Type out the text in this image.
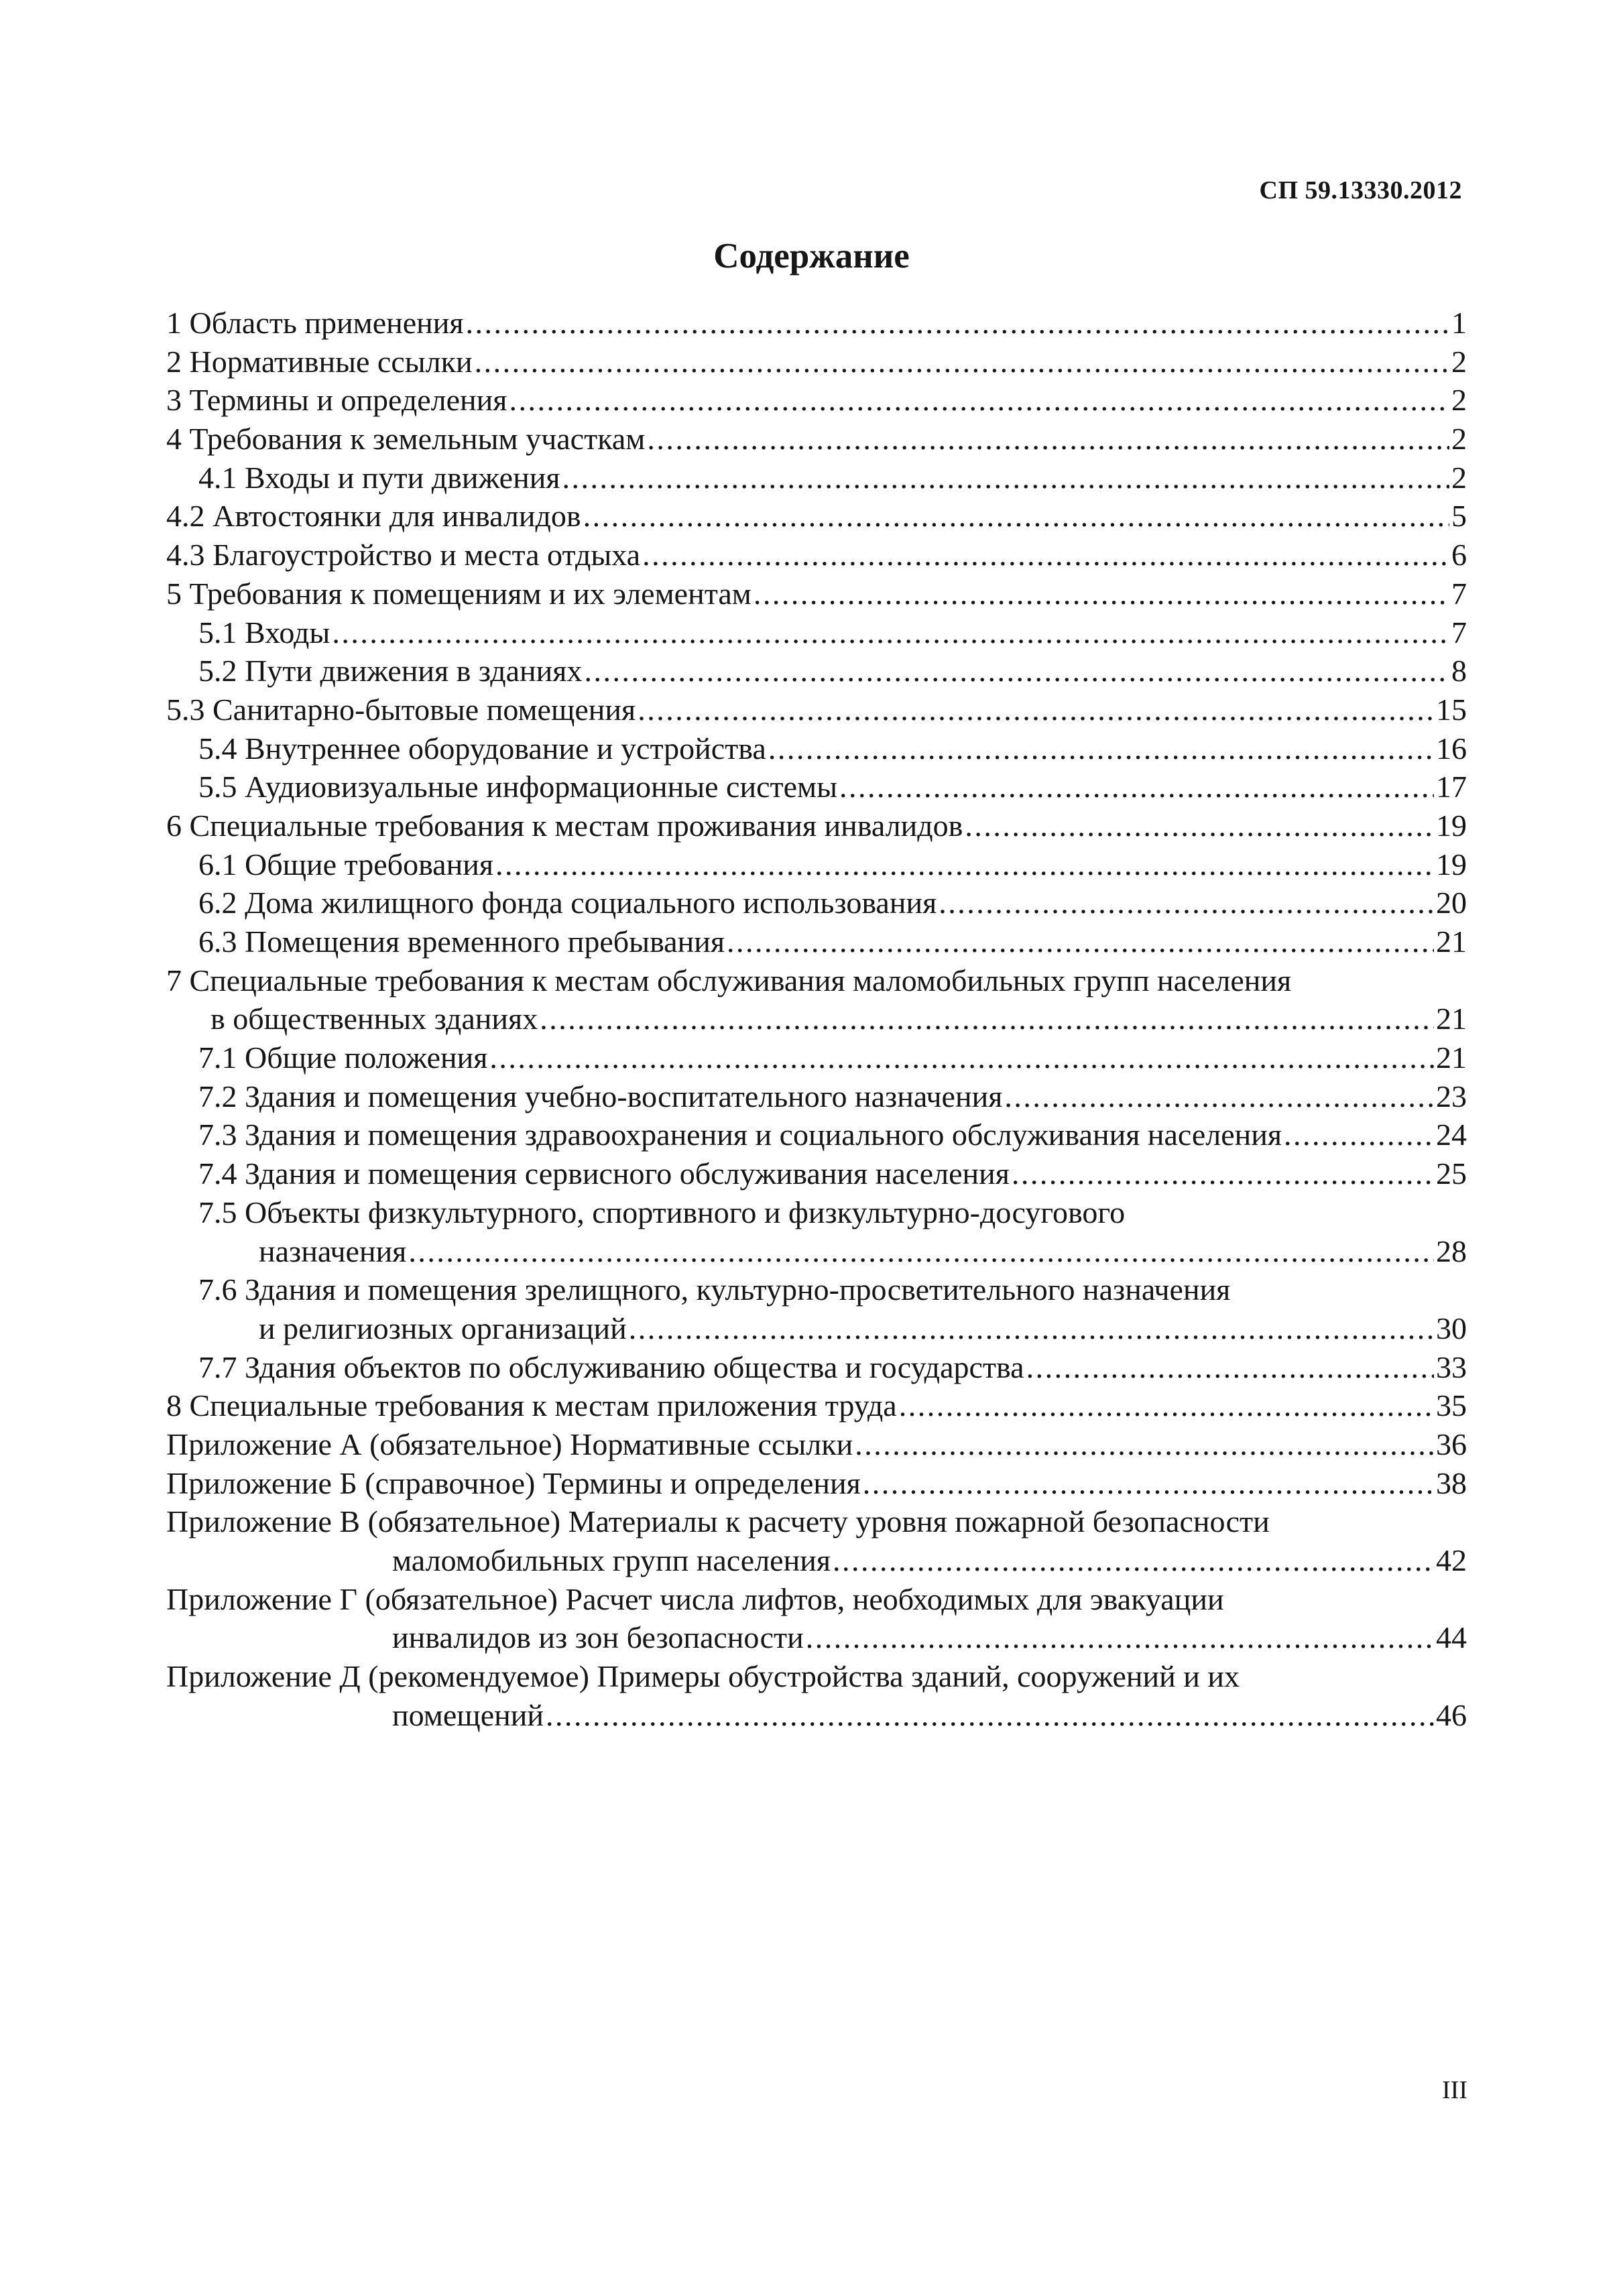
СП 59.13330.2012
Содержание
1 Область применения .....	1
2 Нормативные ссылки .....	2
3 Термины и определения .....	2
4 Требования к земельным участкам .....	2
4.1 Входы и пути движения .....	2
4.2 Автостоянки для инвалидов .....	5
4.3 Благоустройство и места отдыха .....	6
5 Требования к помещениям и их элементам .....	7
5.1 Входы .....	7
5.2 Пути движения в зданиях .....	8
5.3 Санитарно-бытовые помещения .....	15
5.4 Внутреннее оборудование и устройства .....	16
5.5 Аудиовизуальные информационные системы .....	17
6 Специальные требования к местам проживания инвалидов .....	19
6.1 Общие требования .....	19
6.2 Дома жилищного фонда социального использования .....	20
6.3 Помещения временного пребывания .....	21
7 Специальные требования к местам обслуживания маломобильных групп населения
в общественных зданиях .....	21
7.1 Общие положения .....	21
7.2 Здания и помещения учебно-воспитательного назначения .....	23
7.3 Здания и помещения здравоохранения и социального обслуживания населения .....	24
7.4 Здания и помещения сервисного обслуживания населения .....	25
7.5 Объекты физкультурного, спортивного и физкультурно-досугового
назначения .....	28
7.6 Здания и помещения зрелищного, культурно-просветительного назначения
и религиозных организаций .....	30
7.7 Здания объектов по обслуживанию общества и государства .....	33
8 Специальные требования к местам приложения труда .....	35
Приложение А (обязательное) Нормативные ссылки .....	36
Приложение Б (справочное) Термины и определения .....	38
Приложение В (обязательное) Материалы к расчету уровня пожарной безопасности
маломобильных групп населения .....	42
Приложение Г (обязательное) Расчет числа лифтов, необходимых для эвакуации
инвалидов из зон безопасности .....	44
Приложение Д (рекомендуемое) Примеры обустройства зданий, сооружений и их
помещений .....	46
III
